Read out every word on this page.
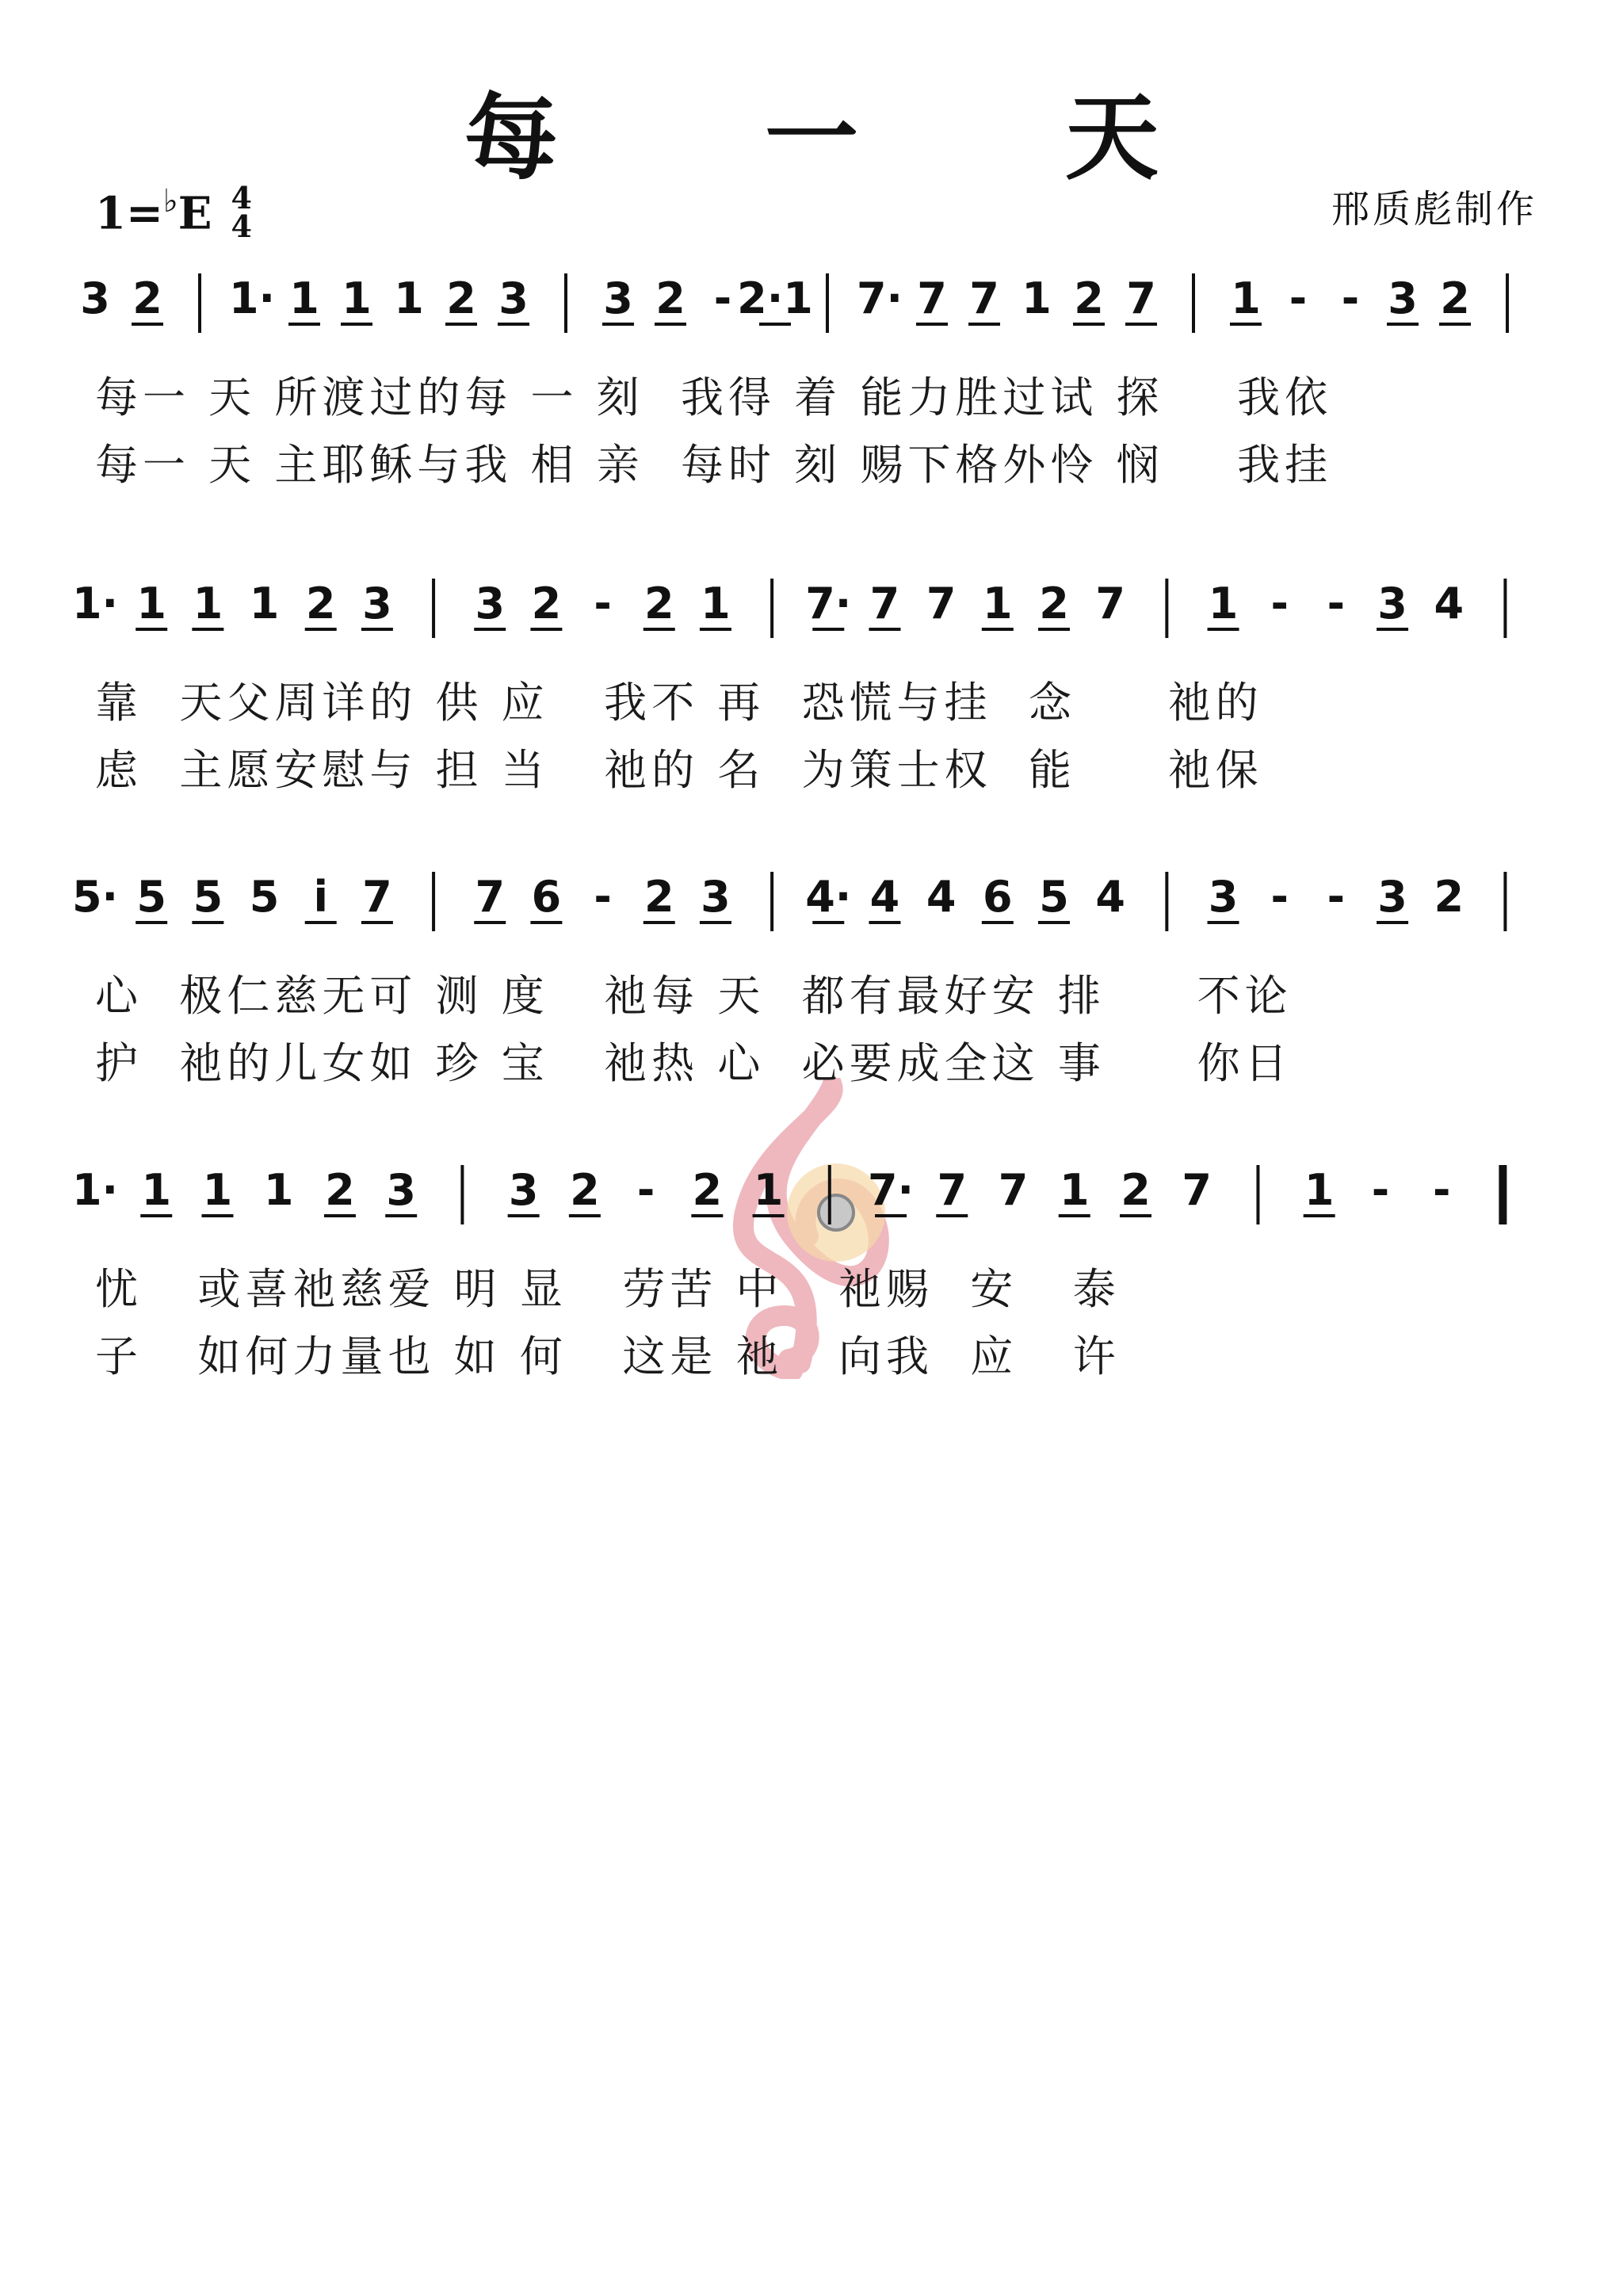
每 一 天
1=♭E 4
4	邢质彪制作
3 2 1· 1 1 1 2 3 3 2 - 2·1 7· 7 7 1 2 7 1 - - 3 2
1· 1 1 1 2 3 3 2 - 2 1 7· 7 7 1 2 7 1 - - 3 4
5· 5 5 5 i 7 7 6 - 2 3 4· 4 4 6 5 4 3 - - 3 2
1· 1 1 1 2 3 3 2 - 2 1 7· 7 7 1 2 7 1 - -
每一 天 所渡过的每 一 刻  我得 着 能力胜过试 探    我依
每一 天 主耶稣与我 相 亲  每时 刻 赐下格外怜 悯    我挂
靠  天父周详的 供 应   我不 再  恐慌与挂  念     祂的
虑  主愿安慰与 担 当   祂的 名  为策士权  能     祂保
心  极仁慈无可 测 度   祂每 天  都有最好安 排     不论
护  祂的儿女如 珍 宝   祂热 心  必要成全这 事     你日
忧   或喜祂慈爱 明 显   劳苦 中   祂赐  安   泰
子   如何力量也 如 何   这是 祂   向我  应   许
